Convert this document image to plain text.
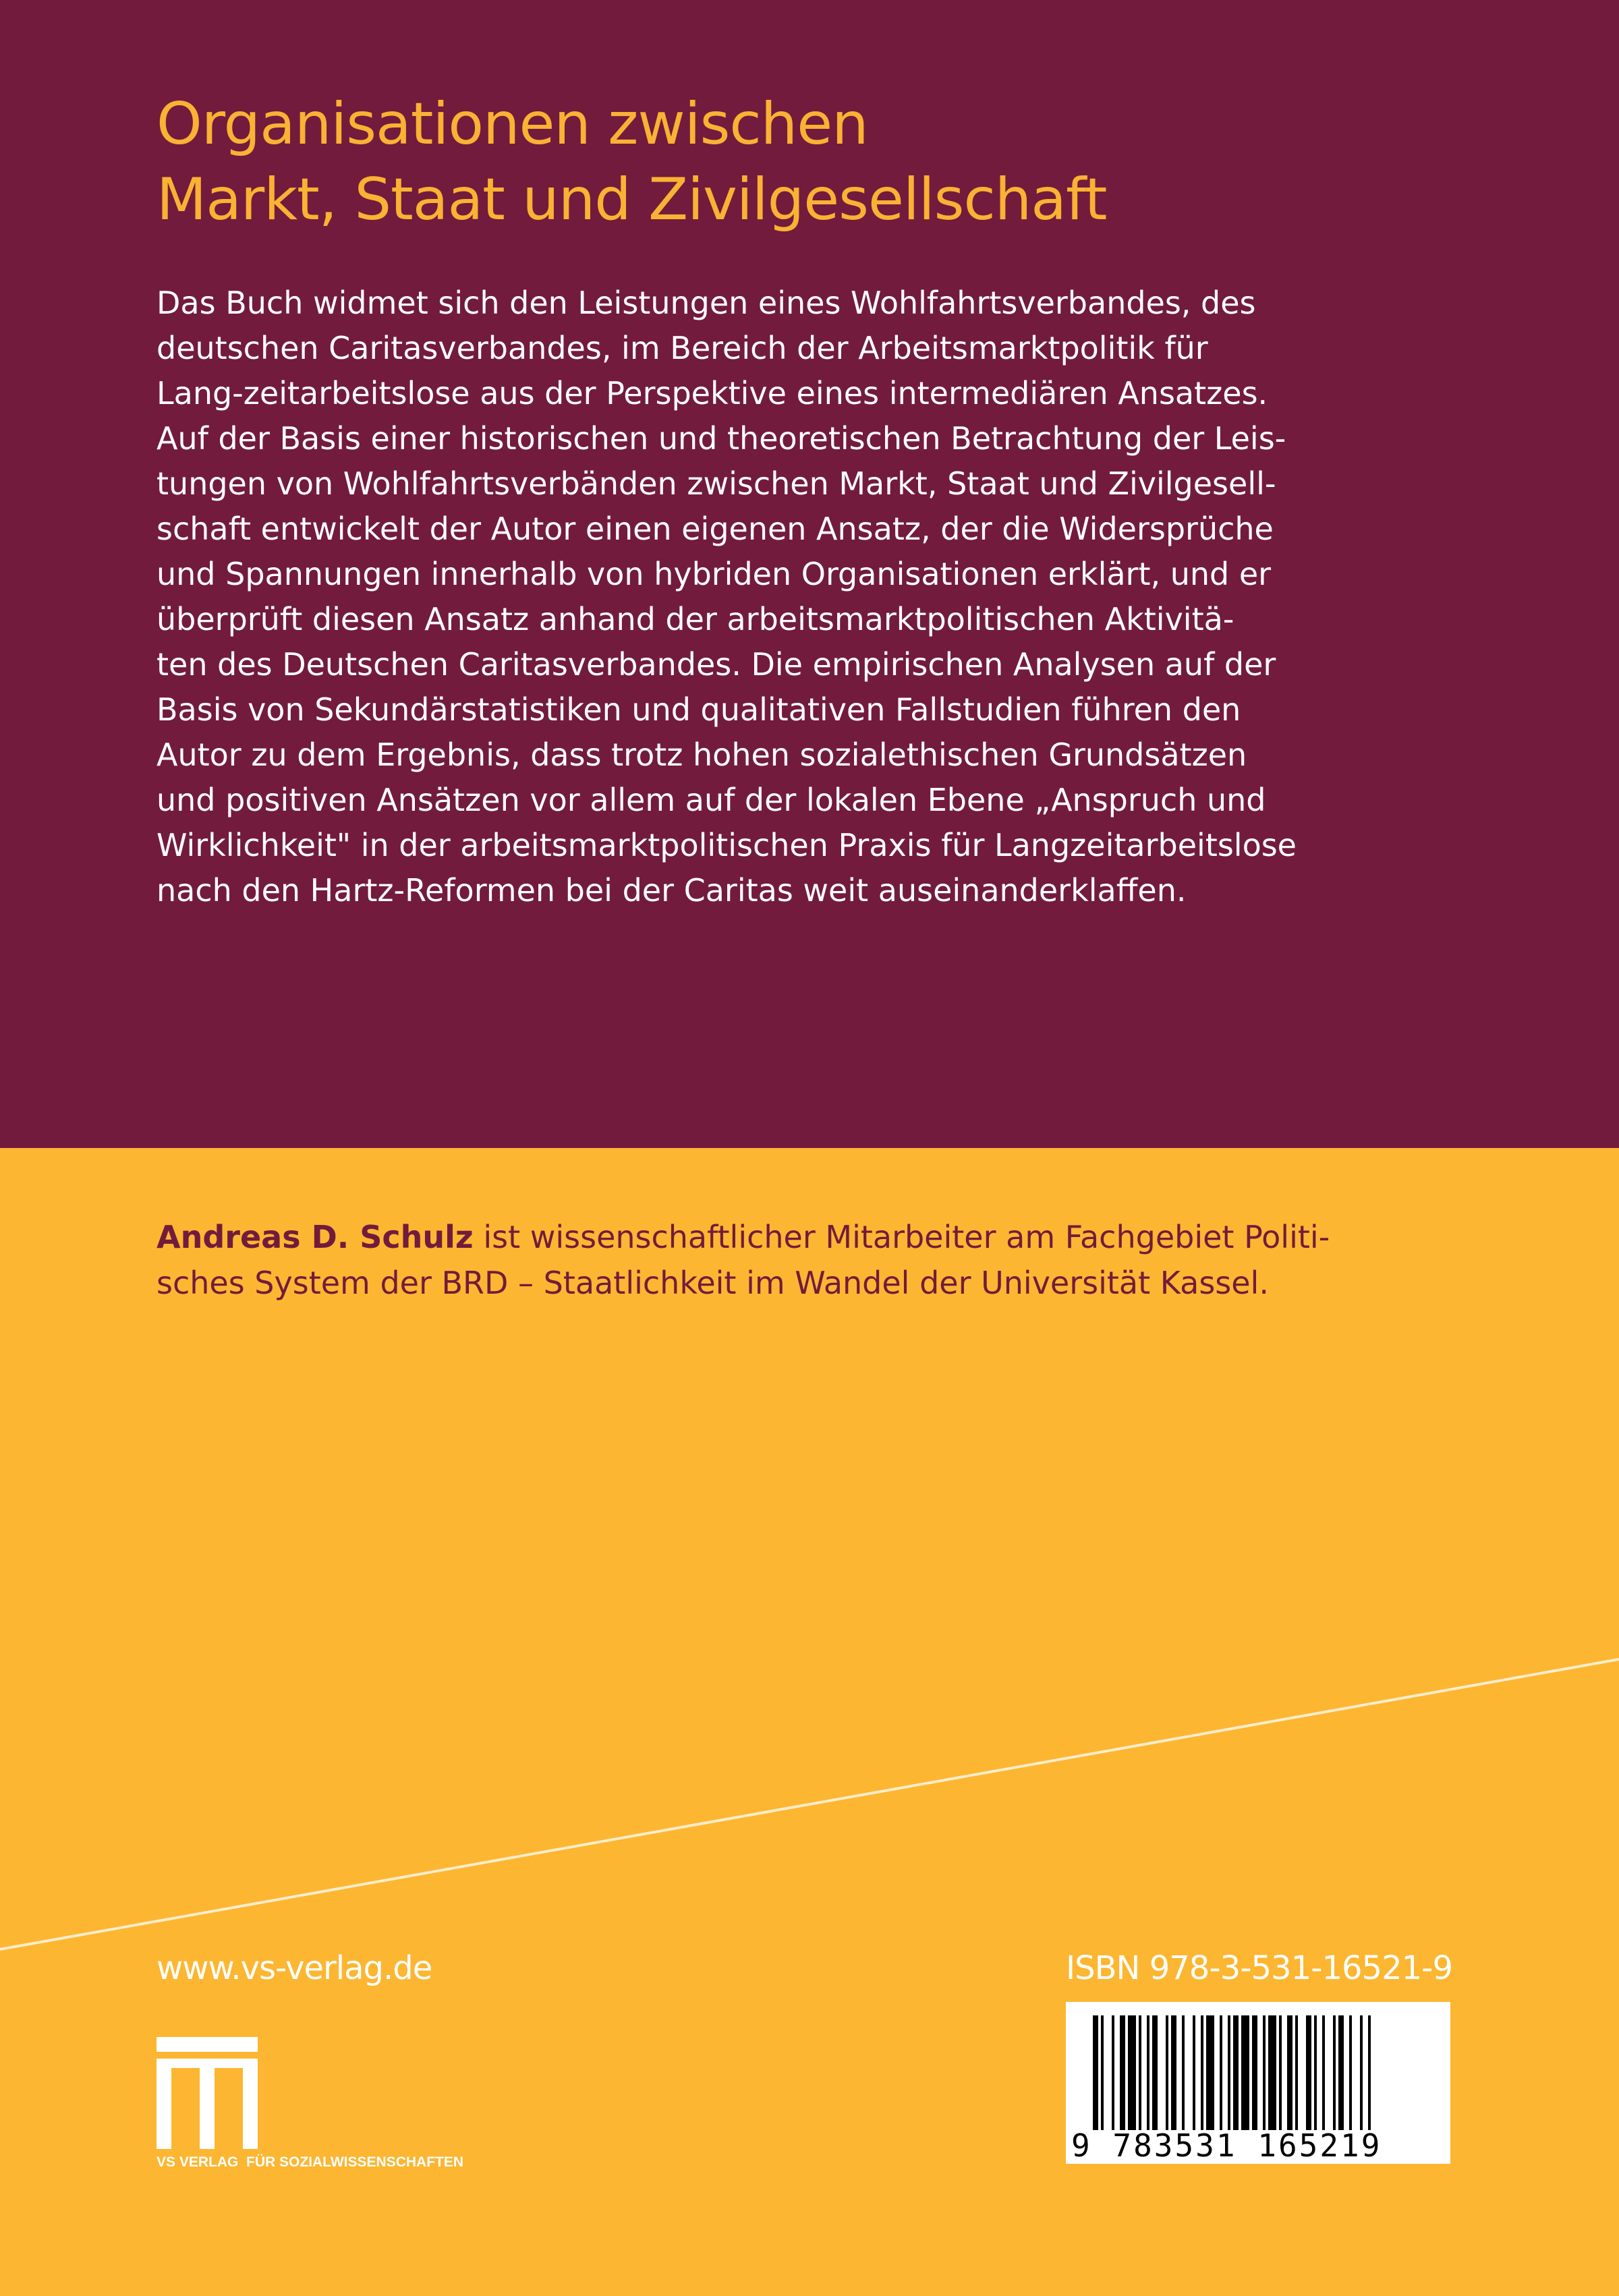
Organisationen zwischen
Markt, Staat und Zivilgesellschaft
Das Buch widmet sich den Leistungen eines Wohlfahrtsverbandes, des
deutschen Caritasverbandes, im Bereich der Arbeitsmarktpolitik für
Lang-zeitarbeitslose aus der Perspektive eines intermediären Ansatzes.
Auf der Basis einer historischen und theoretischen Betrachtung der Leis-
tungen von Wohlfahrtsverbänden zwischen Markt, Staat und Zivilgesell-
schaft entwickelt der Autor einen eigenen Ansatz, der die Widersprüche
und Spannungen innerhalb von hybriden Organisationen erklärt, und er
überprüft diesen Ansatz anhand der arbeitsmarktpolitischen Aktivitä-
ten des Deutschen Caritasverbandes. Die empirischen Analysen auf der
Basis von Sekundärstatistiken und qualitativen Fallstudien führen den
Autor zu dem Ergebnis, dass trotz hohen sozialethischen Grundsätzen
und positiven Ansätzen vor allem auf der lokalen Ebene „Anspruch und
Wirklichkeit" in der arbeitsmarktpolitischen Praxis für Langzeitarbeitslose
nach den Hartz-Reformen bei der Caritas weit auseinanderklaffen.
Andreas D. Schulz ist wissenschaftlicher Mitarbeiter am Fachgebiet Politi-
sches System der BRD – Staatlichkeit im Wandel der Universität Kassel.
www.vs-verlag.de
VS VERLAG  FÜR SOZIALWISSENSCHAFTEN
ISBN 978-3-531-16521-9
9 783531 165219
